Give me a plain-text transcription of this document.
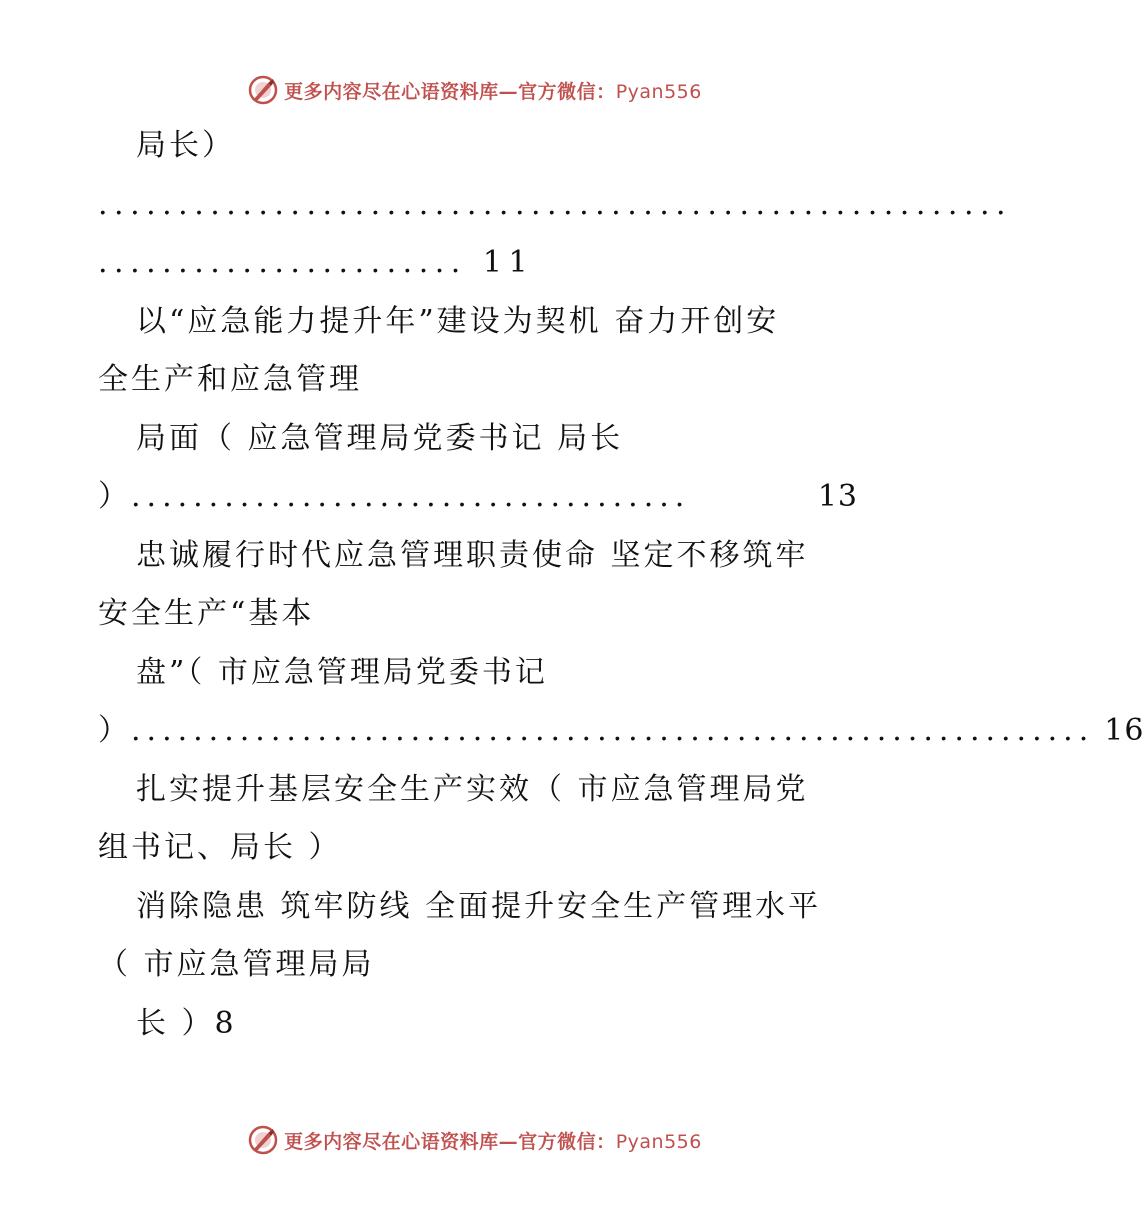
更多内容尽在心语资料库—官方微信：Pyan556
局长）
.........................................................
....................... 11
以“应急能力提升年”建设为契机 奋力开创安
全生产和应急管理
局面（ 应急管理局党委书记 局长
） ....................................	13
忠诚履行时代应急管理职责使命 坚定不移筑牢
安全生产“基本
盘”（ 市应急管理局党委书记
） .............................................................. 16
扎实提升基层安全生产实效（ 市应急管理局党
组书记、局长 ）
消除隐患 筑牢防线 全面提升安全生产管理水平
（ 市应急管理局局
长 ）8
更多内容尽在心语资料库—官方微信：Pyan556
